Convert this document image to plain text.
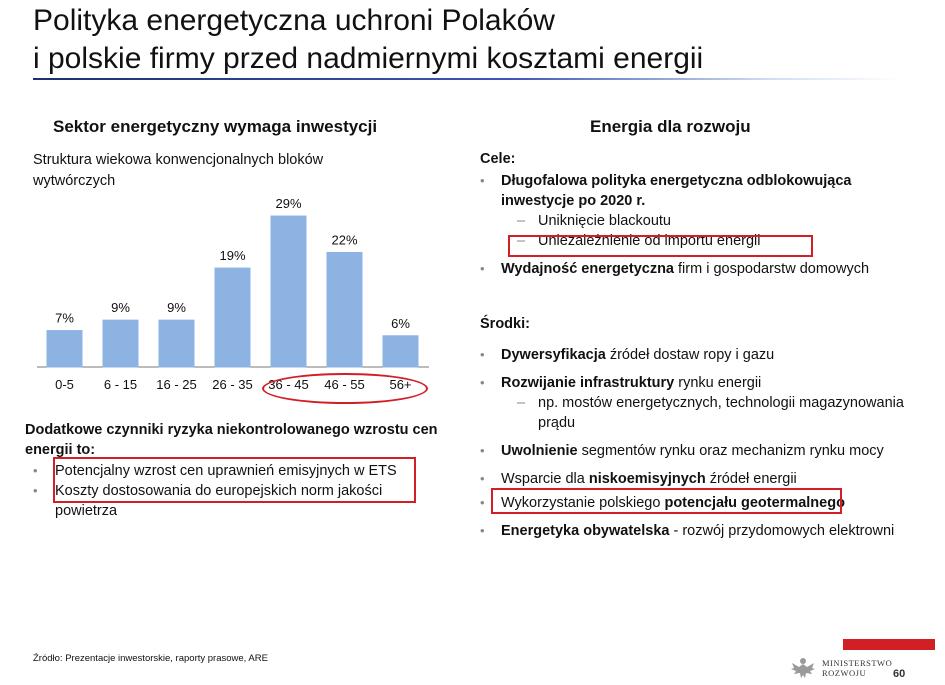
Polityka energetyczna uchroni Polaków
i polskie firmy przed nadmiernymi kosztami energii
Sektor energetyczny wymaga inwestycji
Struktura wiekowa konwencjonalnych bloków wytwórczych
7%
0-5
9%
6 - 15
9%
16 - 25
19%
26 - 35
29%
36 - 45
22%
46 - 55
6%
56+
Dodatkowe czynniki ryzyka niekontrolowanego wzrostu cen energii to:
• Potencjalny wzrost cen uprawnień emisyjnych w ETS
• Koszty dostosowania do europejskich norm jakości powietrza
Energia dla rozwoju
Cele:
• Długofalowa polityka energetyczna odblokowująca inwestycje po 2020 r.
– Uniknięcie blackoutu
– Uniezależnienie od importu energii
• Wydajność energetyczna firm i gospodarstw domowych
Środki:
• Dywersyfikacja źródeł dostaw ropy i gazu
• Rozwijanie infrastruktury rynku energii
– np. mostów energetycznych, technologii magazynowania prądu
• Uwolnienie segmentów rynku oraz mechanizm rynku mocy
• Wsparcie dla niskoemisyjnych źródeł energii
• Wykorzystanie polskiego potencjału geotermalnego
• Energetyka obywatelska - rozwój przydomowych elektrowni
Źródło: Prezentacje inwestorskie, raporty prasowe, ARE	MINISTERSTWO
ROZWOJU	60
